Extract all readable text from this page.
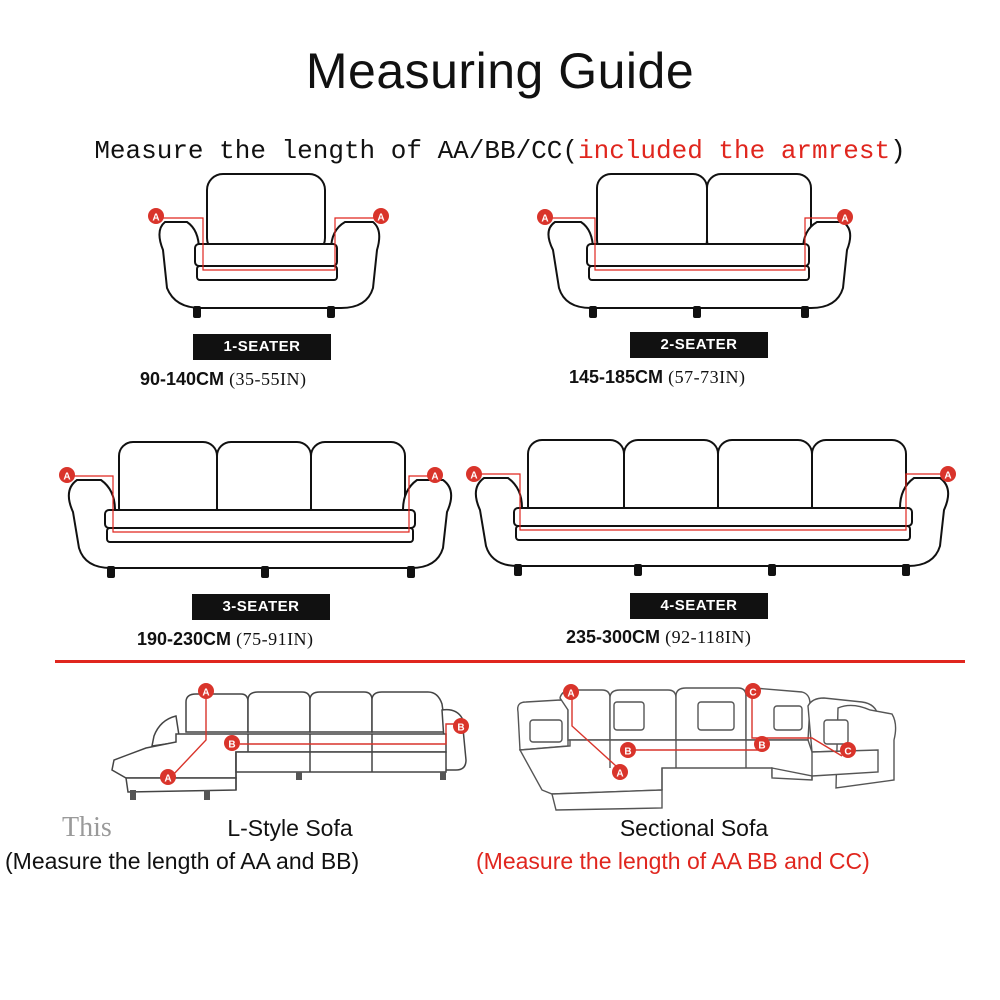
Measuring Guide
Measure the length of AA/BB/CC(included the armrest)
A	A
1-SEATER
90-140CM (35-55IN)
A	A
2-SEATER
145-185CM (57-73IN)
A	A
3-SEATER
190-230CM (75-91IN)
A	A
4-SEATER
235-300CM (92-118IN)
A
A
B
B
L-Style Sofa
(Measure the length of AA and BB)
A
A
B
B
C
C
Sectional Sofa
(Measure the length of AA BB and CC)
This
